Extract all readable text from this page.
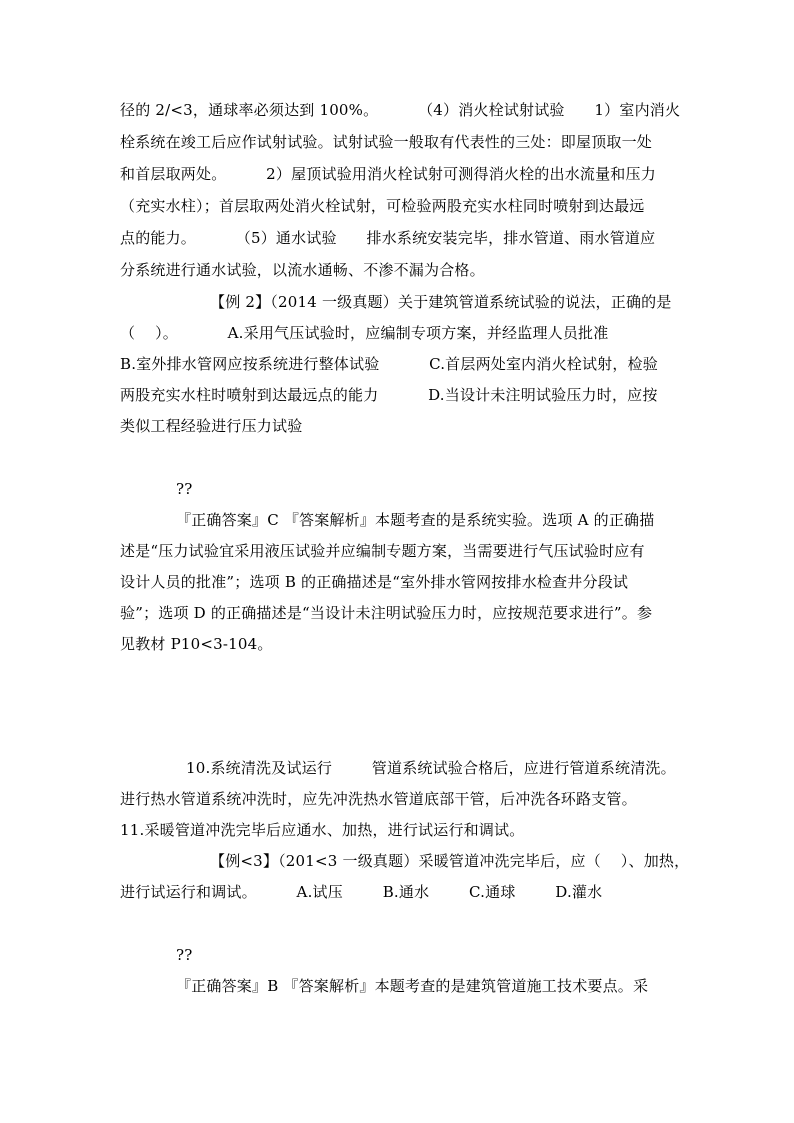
径的 2/<3，通球率必须达到 100%。        （4）消火栓试射试验      1）室内消火
栓系统在竣工后应作试射试验。试射试验一般取有代表性的三处：即屋顶取一处
和首层取两处。        2）屋顶试验用消火栓试射可测得消火栓的出水流量和压力
（充实水柱）；首层取两处消火栓试射，可检验两股充实水柱同时喷射到达最远
点的能力。        （5）通水试验      排水系统安装完毕，排水管道、雨水管道应
分系统进行通水试验，以流水通畅、不渗不漏为合格。
【例 2】（2014 一级真题）关于建筑管道系统试验的说法，正确的是
（    ）。          A.采用气压试验时，应编制专项方案，并经监理人员批准
B.室外排水管网应按系统进行整体试验          C.首层两处室内消火栓试射，检验
两股充实水柱时喷射到达最远点的能力          D.当设计未注明试验压力时，应按
类似工程经验进行压力试验
??
『正确答案』C 『答案解析』本题考查的是系统实验。选项 A 的正确描
述是“压力试验宜采用液压试验并应编制专题方案，当需要进行气压试验时应有
设计人员的批准”；选项 B 的正确描述是“室外排水管网按排水检查井分段试
验”；选项 D 的正确描述是“当设计未注明试验压力时，应按规范要求进行”。参
见教材 P10<3-104。
10.系统清洗及试运行        管道系统试验合格后，应进行管道系统清洗。
进行热水管道系统冲洗时，应先冲洗热水管道底部干管，后冲洗各环路支管。
11.采暖管道冲洗完毕后应通水、加热，进行试运行和调试。
【例<3】（201<3 一级真题）采暖管道冲洗完毕后，应（    ）、加热，
进行试运行和调试。        A.试压        B.通水        C.通球        D.灌水
??
『正确答案』B 『答案解析』本题考查的是建筑管道施工技术要点。采
